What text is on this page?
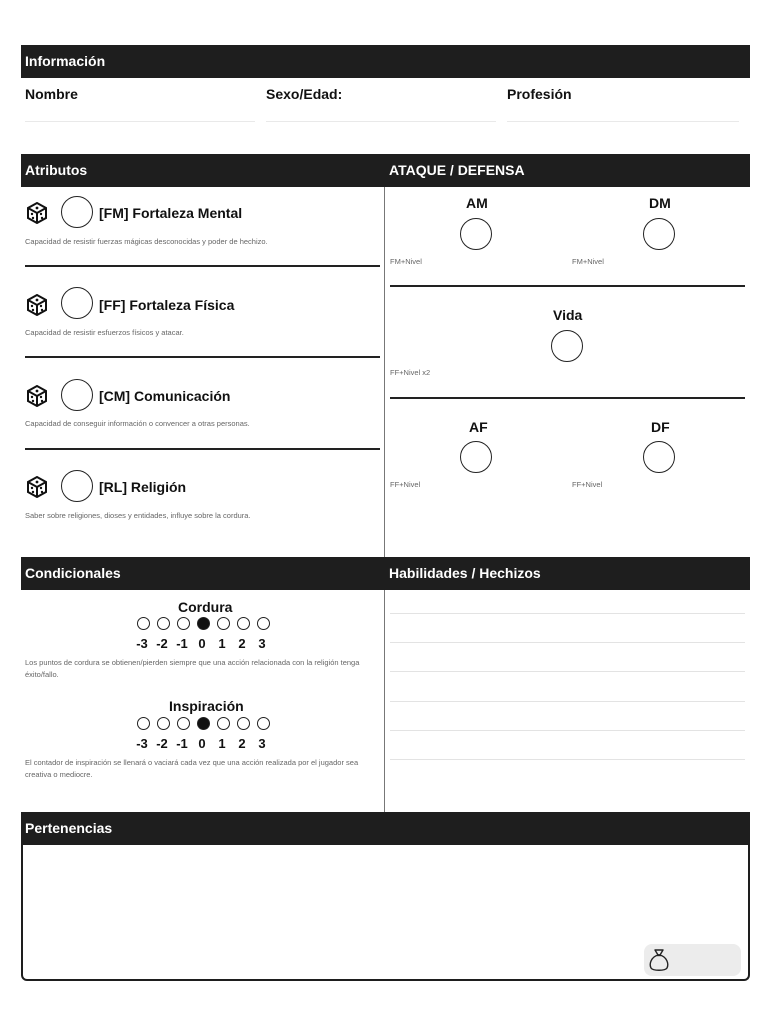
Información
Nombre	Sexo/Edad:	Profesión
Atributos	ATAQUE / DEFENSA
[FM] Fortaleza Mental
Capacidad de resistir fuerzas mágicas desconocidas y poder de hechizo.
[FF] Fortaleza Física
Capacidad de resistir esfuerzos físicos y atacar.
[CM] Comunicación
Capacidad de conseguir información o convencer a otras personas.
[RL] Religión
Saber sobre religiones, dioses y entidades, influye sobre la cordura.
AM
FM+Nivel
DM
FM+Nivel
Vida
FF+Nivel x2
AF
FF+Nivel
DF
FF+Nivel
Condicionales	Habilidades / Hechizos
Cordura
-3 -2 -1 0 1 2 3
Los puntos de cordura se obtienen/pierden siempre que una acción relacionada con la religión tenga éxito/fallo.
Inspiración
-3 -2 -1 0 1 2 3
El contador de inspiración se llenará o vaciará cada vez que una acción realizada por el jugador sea creativa o mediocre.
Pertenencias
